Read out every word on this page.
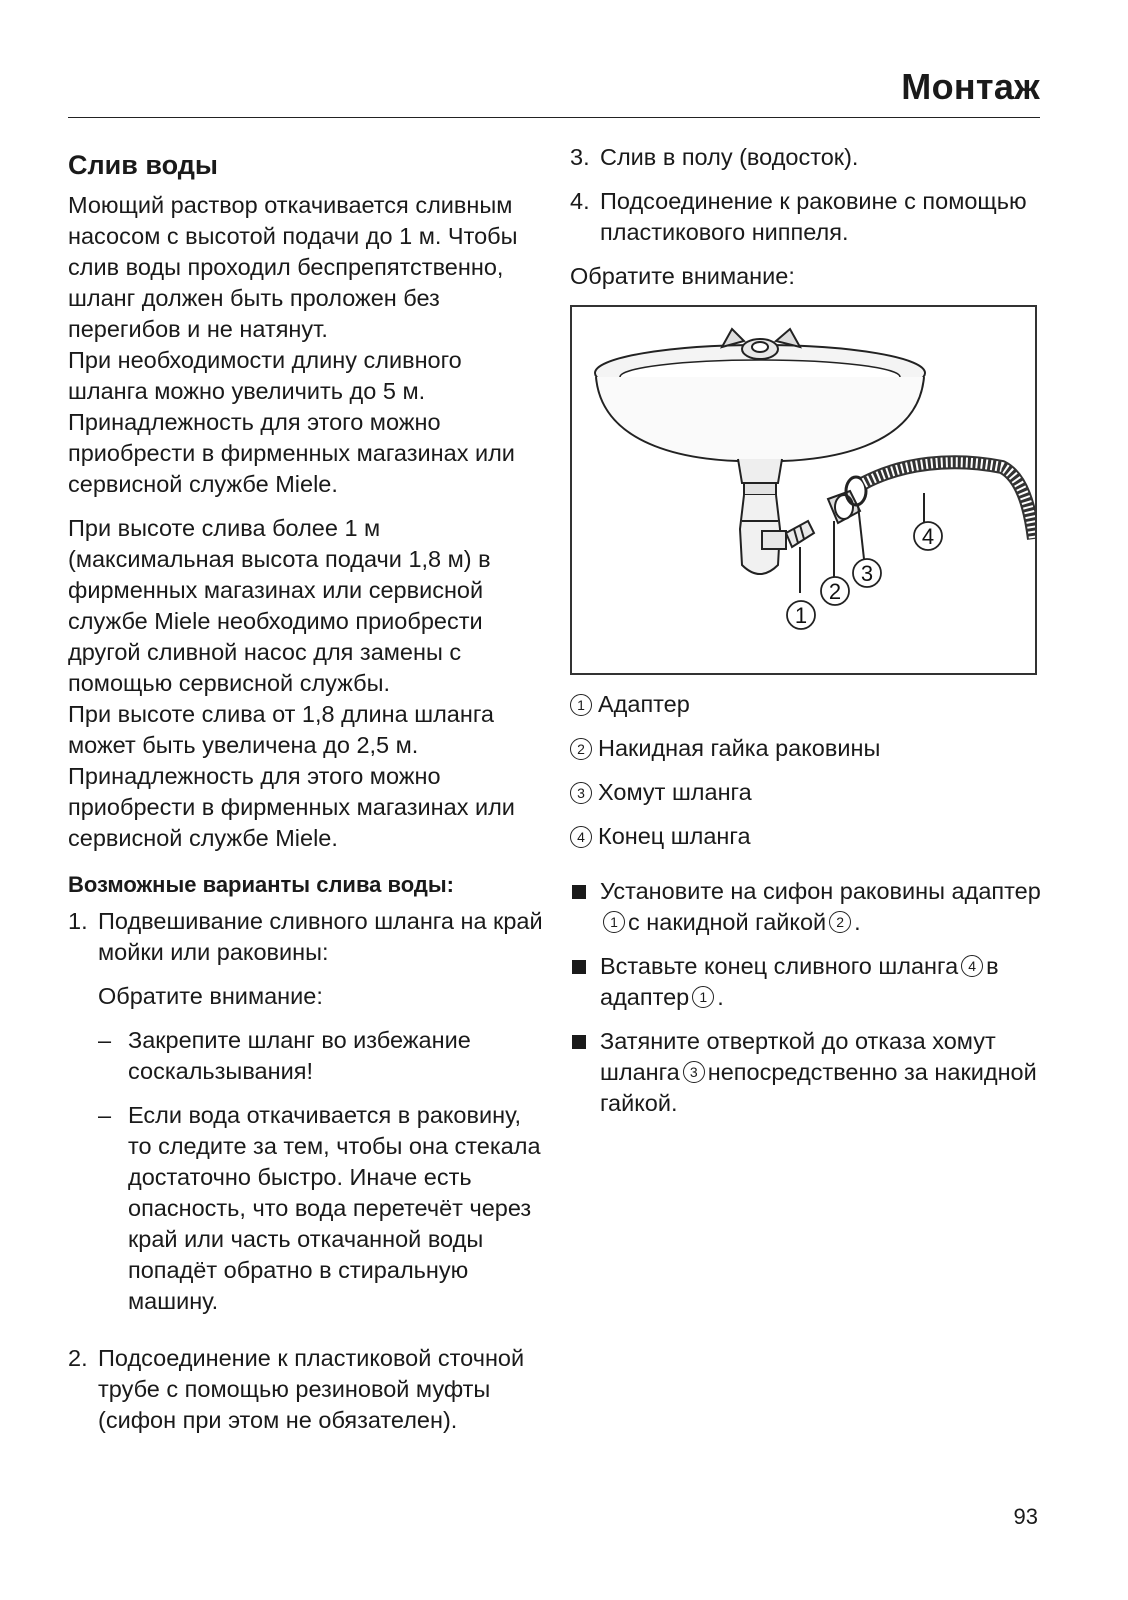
Монтаж
Слив воды

Моющий раствор откачивается сливным насосом с высотой подачи до 1 м. Чтобы слив воды проходил беспрепятственно, шланг должен быть проложен без перегибов и не натянут.

При необходимости длину сливного шланга можно увеличить до 5 м. Принадлежность для этого можно приобрести в фирменных магазинах или сервисной службе Miele.

При высоте слива более 1 м (максимальная высота подачи 1,8 м) в фирменных магазинах или сервисной службе Miele необходимо приобрести другой сливной насос для замены с помощью сервисной службы.

При высоте слива от 1,8 длина шланга может быть увеличена до 2,5 м. Принадлежность для этого можно приобрести в фирменных магазинах или сервисной службе Miele.

Возможные варианты слива воды:
1. Подвешивание сливного шланга на край мойки или раковины:
Обратите внимание:
– Закрепите шланг во избежание соскальзывания!
– Если вода откачивается в раковину, то следите за тем, чтобы она стекала достаточно быстро. Иначе есть опасность, что вода перетечёт через край или часть откачанной воды попадёт обратно в стиральную машину.
2. Подсоединение к пластиковой сточной трубе с помощью резиновой муфты (сифон при этом не обязателен).
3. Слив в полу (водосток).
4. Подсоединение к раковине с помощью пластикового ниппеля.

Обратите внимание:

1
2
3
4
1 Адаптер
2 Накидная гайка раковины
3 Хомут шланга
4 Конец шланга
Установите на сифон раковины адаптер1 с накидной гайкой 2 .
Вставьте конец сливного шланга 4 в адаптер 1 .
Затяните отверткой до отказа хомут шланга 3 непосредственно за накидной гайкой.
93
